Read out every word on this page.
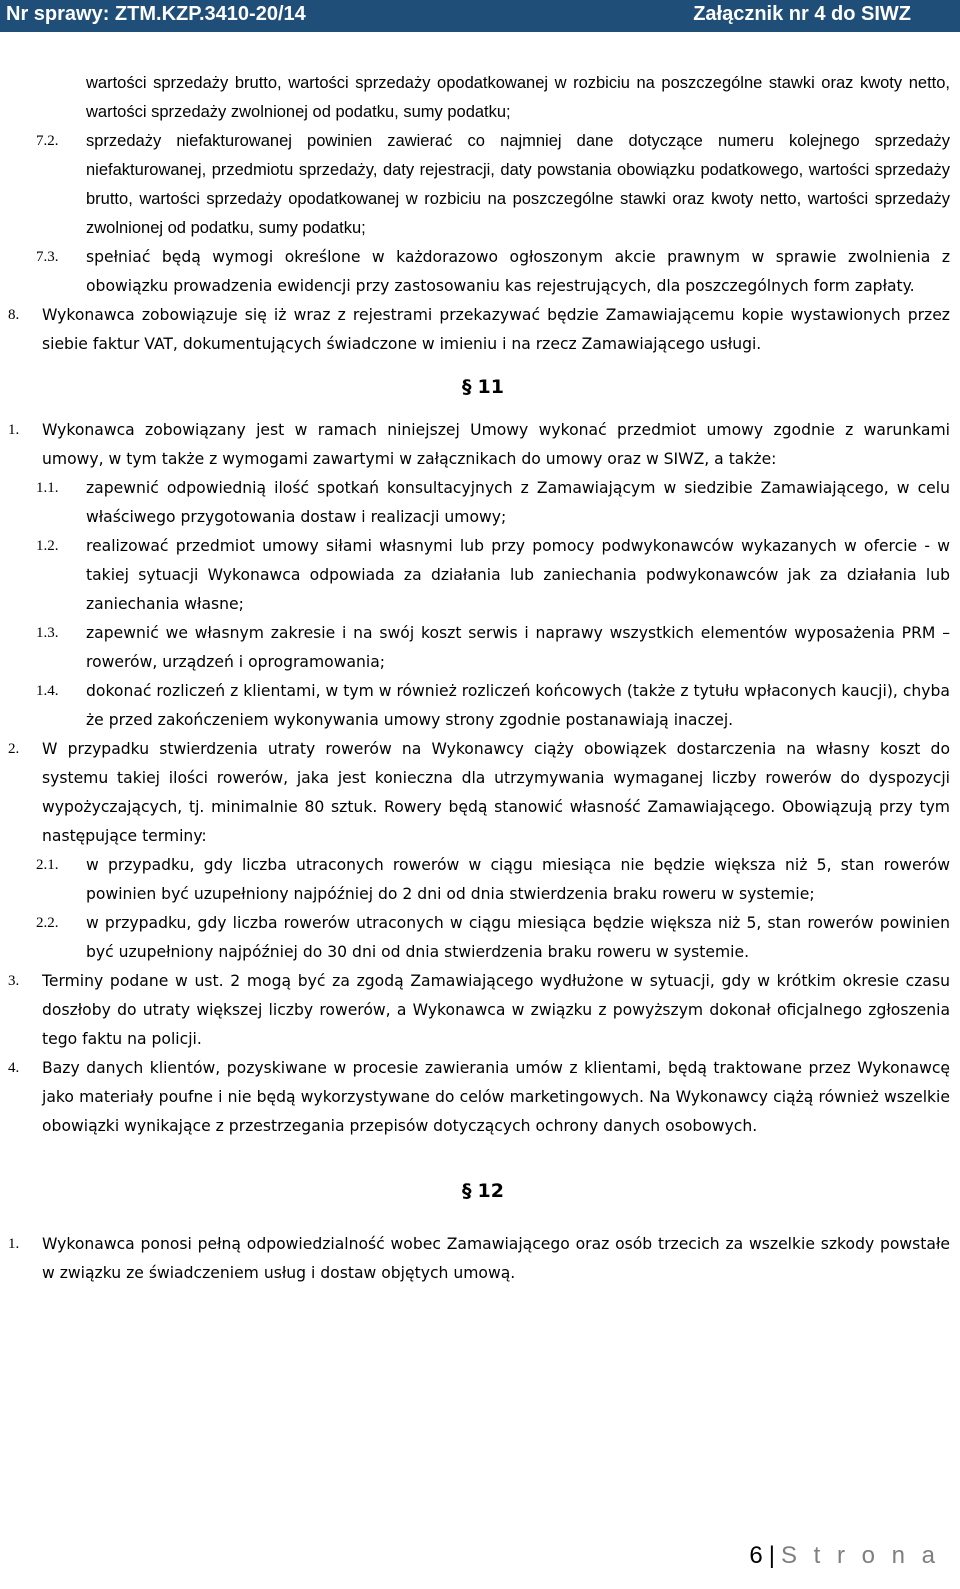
Nr sprawy: ZTM.KZP.3410-20/14	Załącznik nr 4 do SIWZ
wartości sprzedaży brutto, wartości sprzedaży opodatkowanej w rozbiciu na poszczególne stawki oraz kwoty netto, wartości sprzedaży zwolnionej od podatku, sumy podatku;
7.2.	sprzedaży niefakturowanej powinien zawierać co najmniej dane dotyczące numeru kolejnego sprzedaży niefakturowanej, przedmiotu sprzedaży, daty rejestracji, daty powstania obowiązku podatkowego, wartości sprzedaży brutto, wartości sprzedaży opodatkowanej w rozbiciu na poszczególne stawki oraz kwoty netto, wartości sprzedaży zwolnionej od podatku, sumy podatku;
7.3.	spełniać będą wymogi określone w każdorazowo ogłoszonym akcie prawnym w sprawie zwolnienia z obowiązku prowadzenia ewidencji przy zastosowaniu kas rejestrujących, dla poszczególnych form zapłaty.
8.	Wykonawca zobowiązuje się iż wraz z rejestrami przekazywać będzie Zamawiającemu kopie wystawionych przez siebie faktur VAT, dokumentujących świadczone w imieniu i na rzecz Zamawiającego usługi.
§ 11
1.	Wykonawca zobowiązany jest w ramach niniejszej Umowy wykonać przedmiot umowy zgodnie z warunkami umowy, w tym także z wymogami zawartymi w załącznikach do umowy oraz w SIWZ, a także:
1.1.	zapewnić odpowiednią ilość spotkań konsultacyjnych z Zamawiającym w siedzibie Zamawiającego, w celu właściwego przygotowania dostaw i realizacji umowy;
1.2.	realizować przedmiot umowy siłami własnymi lub przy pomocy podwykonawców wykazanych w ofercie - w takiej sytuacji Wykonawca odpowiada za działania lub zaniechania podwykonawców jak za działania lub zaniechania własne;
1.3.	zapewnić we własnym zakresie i na swój koszt serwis i naprawy wszystkich elementów wyposażenia PRM – rowerów, urządzeń i oprogramowania;
1.4.	dokonać rozliczeń z klientami, w tym w również rozliczeń końcowych (także z tytułu wpłaconych kaucji), chyba że przed zakończeniem wykonywania umowy strony zgodnie postanawiają inaczej.
2.	W przypadku stwierdzenia utraty rowerów na Wykonawcy ciąży obowiązek dostarczenia na własny koszt do systemu takiej ilości rowerów, jaka jest konieczna dla utrzymywania wymaganej liczby rowerów do dyspozycji wypożyczających, tj. minimalnie 80 sztuk. Rowery będą stanowić własność Zamawiającego. Obowiązują przy tym następujące terminy:
2.1.	w przypadku, gdy liczba utraconych rowerów w ciągu miesiąca nie będzie większa niż 5, stan rowerów powinien być uzupełniony najpóźniej do 2 dni od dnia stwierdzenia braku roweru w systemie;
2.2.	w przypadku, gdy liczba rowerów utraconych w ciągu miesiąca będzie większa niż 5, stan rowerów powinien być uzupełniony najpóźniej do 30 dni od dnia stwierdzenia braku roweru w systemie.
3.	Terminy podane w ust. 2 mogą być za zgodą Zamawiającego wydłużone w sytuacji, gdy w krótkim okresie czasu doszłoby do utraty większej liczby rowerów, a Wykonawca w związku z powyższym dokonał oficjalnego zgłoszenia tego faktu na policji.
4.	Bazy danych klientów, pozyskiwane w procesie zawierania umów z klientami, będą traktowane przez Wykonawcę jako materiały poufne i nie będą wykorzystywane do celów marketingowych. Na Wykonawcy ciążą również wszelkie obowiązki wynikające z przestrzegania przepisów dotyczących ochrony danych osobowych.
§ 12
1.	Wykonawca ponosi pełną odpowiedzialność wobec Zamawiającego oraz osób trzecich za wszelkie szkody powstałe w związku ze świadczeniem usług i dostaw objętych umową.
6 | S t r o n a
